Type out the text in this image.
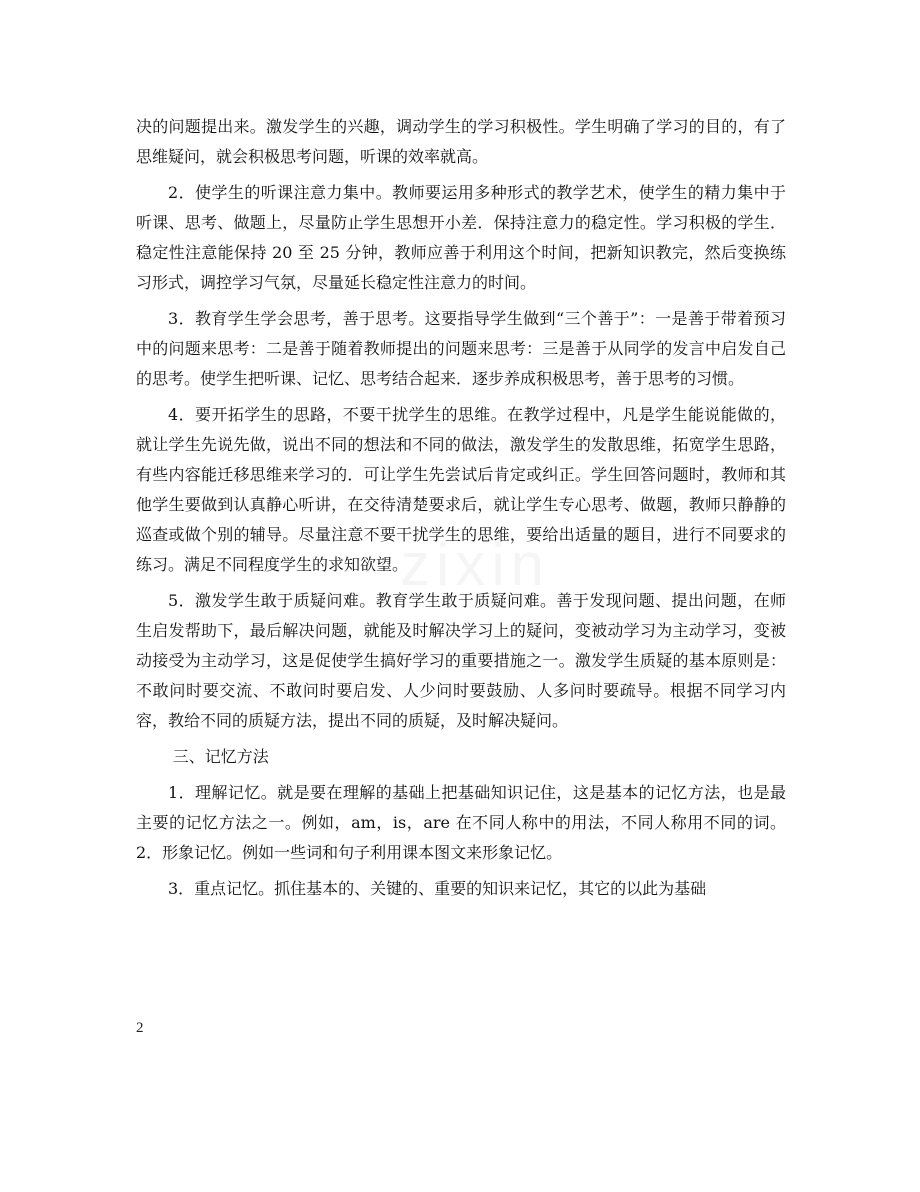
zixin

决的问题提出来。激发学生的兴趣，调动学生的学习积极性。学生明确了学习的目的，有了思维疑问，就会积极思考问题，听课的效率就高。

2．使学生的听课注意力集中。教师要运用多种形式的教学艺术，使学生的精力集中于听课、思考、做题上，尽量防止学生思想开小差．保持注意力的稳定性。学习积极的学生．稳定性注意能保持 20 至 25 分钟，教师应善于利用这个时间，把新知识教完，然后变换练习形式，调控学习气氛，尽量延长稳定性注意力的时间。

3．教育学生学会思考，善于思考。这要指导学生做到“三个善于”：一是善于带着预习中的问题来思考：二是善于随着教师提出的问题来思考：三是善于从同学的发言中启发自己的思考。使学生把听课、记忆、思考结合起来．逐步养成积极思考，善于思考的习惯。

4．要开拓学生的思路，不要干扰学生的思维。在教学过程中，凡是学生能说能做的，就让学生先说先做，说出不同的想法和不同的做法，激发学生的发散思维，拓宽学生思路，有些内容能迁移思维来学习的．可让学生先尝试后肯定或纠正。学生回答问题时，教师和其他学生要做到认真静心听讲，在交待清楚要求后，就让学生专心思考、做题，教师只静静的巡查或做个别的辅导。尽量注意不要干扰学生的思维，要给出适量的题目，进行不同要求的练习。满足不同程度学生的求知欲望。

5．激发学生敢于质疑问难。教育学生敢于质疑问难。善于发现问题、提出问题，在师生启发帮助下，最后解决问题，就能及时解决学习上的疑问，变被动学习为主动学习，变被动接受为主动学习，这是促使学生搞好学习的重要措施之一。激发学生质疑的基本原则是：不敢问时要交流、不敢问时要启发、人少问时要鼓励、人多问时要疏导。根据不同学习内容，教给不同的质疑方法，提出不同的质疑，及时解决疑问。

三、记忆方法

1．理解记忆。就是要在理解的基础上把基础知识记住，这是基本的记忆方法，也是最主要的记忆方法之一。例如，am，is，are 在不同人称中的用法，不同人称用不同的词。2．形象记忆。例如一些词和句子利用课本图文来形象记忆。

3．重点记忆。抓住基本的、关键的、重要的知识来记忆，其它的以此为基础

2
